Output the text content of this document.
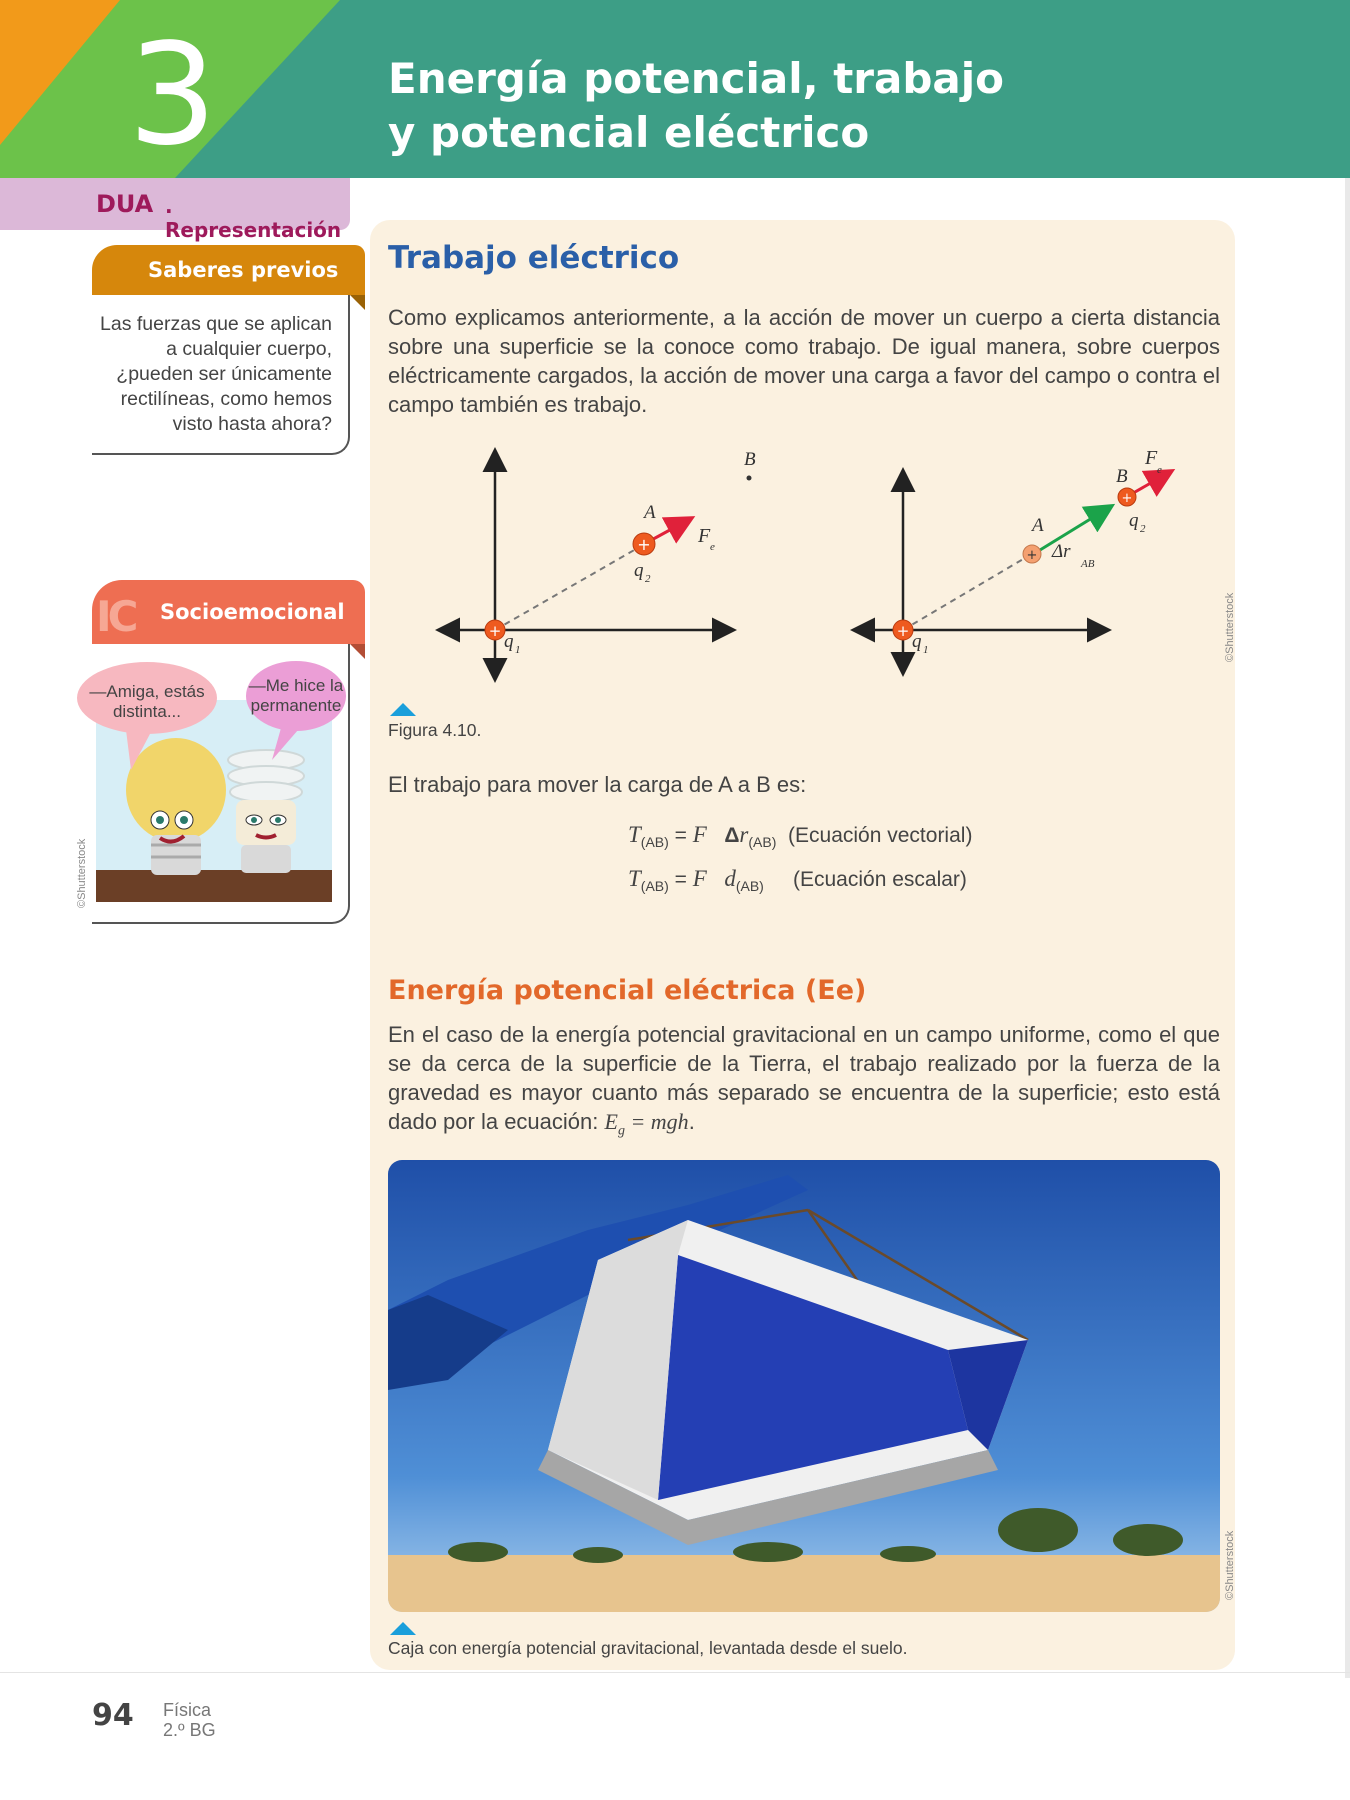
3	Energía potencial, trabajo
y potencial eléctrico
DUA . Representación
Saberes previos
Las fuerzas que se aplican a cualquier cuerpo, ¿pueden ser únicamente rectilíneas, como hemos visto hasta ahora?
IC Socioemocional
—Amiga, estás distinta...
—Me hice la permanente
©Shutterstock
Trabajo eléctrico
Como explicamos anteriormente, a la acción de mover un cuerpo a cierta distancia sobre una superficie se la conoce como trabajo. De igual manera, sobre cuerpos eléctricamente cargados, la acción de mover una carga a favor del campo o contra el campo también es trabajo.
+
+
+
+
+
B
A
F e
q 2
q 1
B
F
e
A
Δr
AB
q 2
q 1	©Shutterstock
Figura 4.10.
El trabajo para mover la carga de A a B es:
$T_{(AB)} = F$ $\Delta r_{(AB)}$ (Ecuación vectorial)
$T_{(AB)} = F$ $d_{(AB)}$ (Ecuación escalar)
Energía potencial eléctrica (Ee)
En el caso de la energía potencial gravitacional en un campo uniforme, como el que se da cerca de la superficie de la Tierra, el trabajo realizado por la fuerza de la gravedad es mayor cuanto más separado se encuentra de la superficie; esto está dado por la ecuación: $E_g$ = mgh.
©Shutterstock
Caja con energía potencial gravitacional, levantada desde el suelo.
94 Física
2.º BG
